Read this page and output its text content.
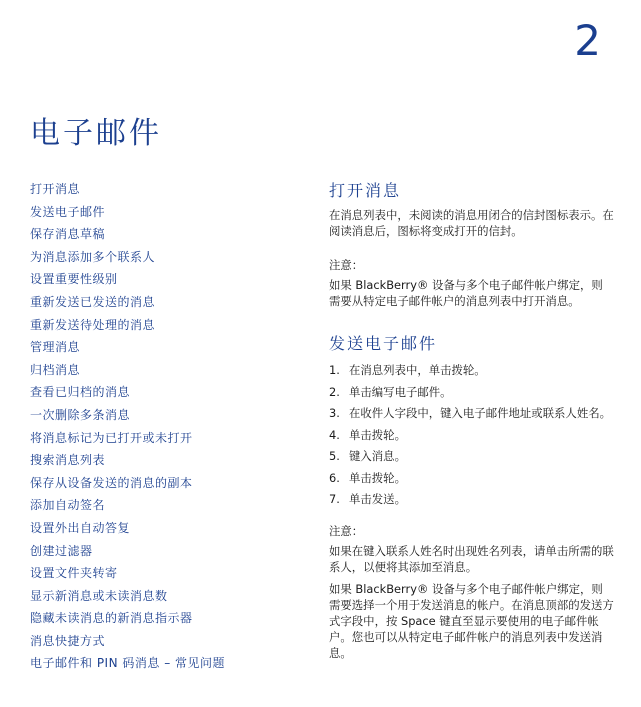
2
电子邮件
打开消息
发送电子邮件
保存消息草稿
为消息添加多个联系人
设置重要性级别
重新发送已发送的消息
重新发送待处理的消息
管理消息
归档消息
查看已归档的消息
一次删除多条消息
将消息标记为已打开或未打开
搜索消息列表
保存从设备发送的消息的副本
添加自动签名
设置外出自动答复
创建过滤器
设置文件夹转寄
显示新消息或未读消息数
隐藏未读消息的新消息指示器
消息快捷方式
电子邮件和 PIN 码消息 – 常见问题
打开消息

在消息列表中，未阅读的消息用闭合的信封图标表示。在阅读消息后，图标将变成打开的信封。

注意：

如果 BlackBerry® 设备与多个电子邮件帐户绑定，则需要从特定电子邮件帐户的消息列表中打开消息。

发送电子邮件
1. 在消息列表中，单击拨轮。
2. 单击编写电子邮件。
3. 在收件人字段中，键入电子邮件地址或联系人姓名。
4. 单击拨轮。
5. 键入消息。
6. 单击拨轮。
7. 单击发送。

注意：

如果在键入联系人姓名时出现姓名列表，请单击所需的联系人，以便将其添加至消息。

如果 BlackBerry® 设备与多个电子邮件帐户绑定，则需要选择一个用于发送消息的帐户。在消息顶部的发送方式字段中，按 Space 键直至显示要使用的电子邮件帐户。您也可以从特定电子邮件帐户的消息列表中发送消息。
